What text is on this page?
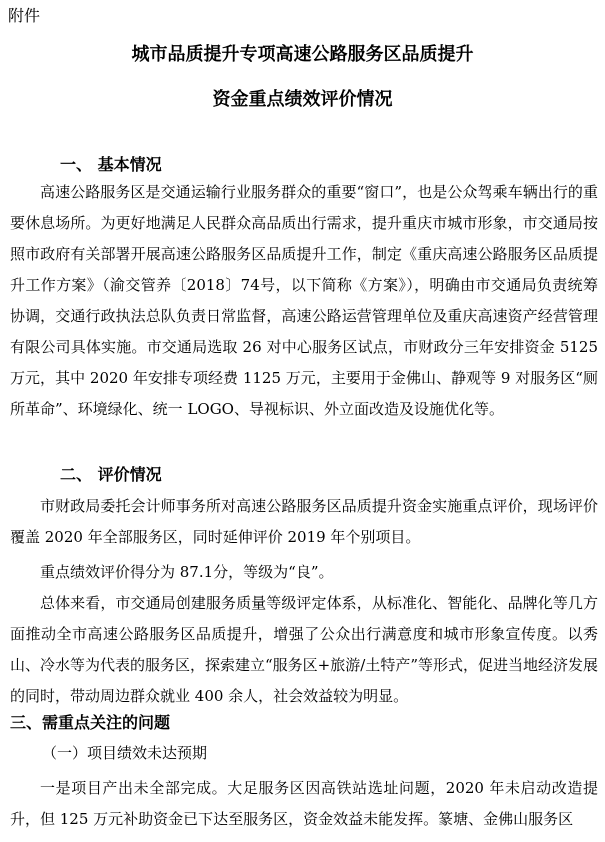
附件
城市品质提升专项高速公路服务区品质提升
资金重点绩效评价情况
一、 基本情况
高速公路服务区是交通运输行业服务群众的重要“窗口”，也是公众驾乘车辆出行的重要休息场所。为更好地满足人民群众高品质出行需求，提升重庆市城市形象，市交通局按照市政府有关部署开展高速公路服务区品质提升工作，制定《重庆高速公路服务区品质提升工作方案》（渝交管养〔2018〕74号，以下简称《方案》），明确由市交通局负责统筹协调，交通行政执法总队负责日常监督，高速公路运营管理单位及重庆高速资产经营管理有限公司具体实施。市交通局选取 26 对中心服务区试点，市财政分三年安排资金 5125 万元，其中 2020 年安排专项经费 1125 万元，主要用于金佛山、静观等 9 对服务区“厕所革命”、环境绿化、统一 LOGO、导视标识、外立面改造及设施优化等。
二、 评价情况
市财政局委托会计师事务所对高速公路服务区品质提升资金实施重点评价，现场评价覆盖 2020 年全部服务区，同时延伸评价 2019 年个别项目。
重点绩效评价得分为 87.1分，等级为“良”。
总体来看，市交通局创建服务质量等级评定体系，从标准化、智能化、品牌化等几方面推动全市高速公路服务区品质提升，增强了公众出行满意度和城市形象宣传度。以秀山、冷水等为代表的服务区，探索建立“服务区+旅游/土特产”等形式，促进当地经济发展的同时，带动周边群众就业 400 余人，社会效益较为明显。
三、需重点关注的问题
（一）项目绩效未达预期
一是项目产出未全部完成。大足服务区因高铁站选址问题，2020 年未启动改造提升，但 125 万元补助资金已下达至服务区，资金效益未能发挥。篆塘、金佛山服务区
